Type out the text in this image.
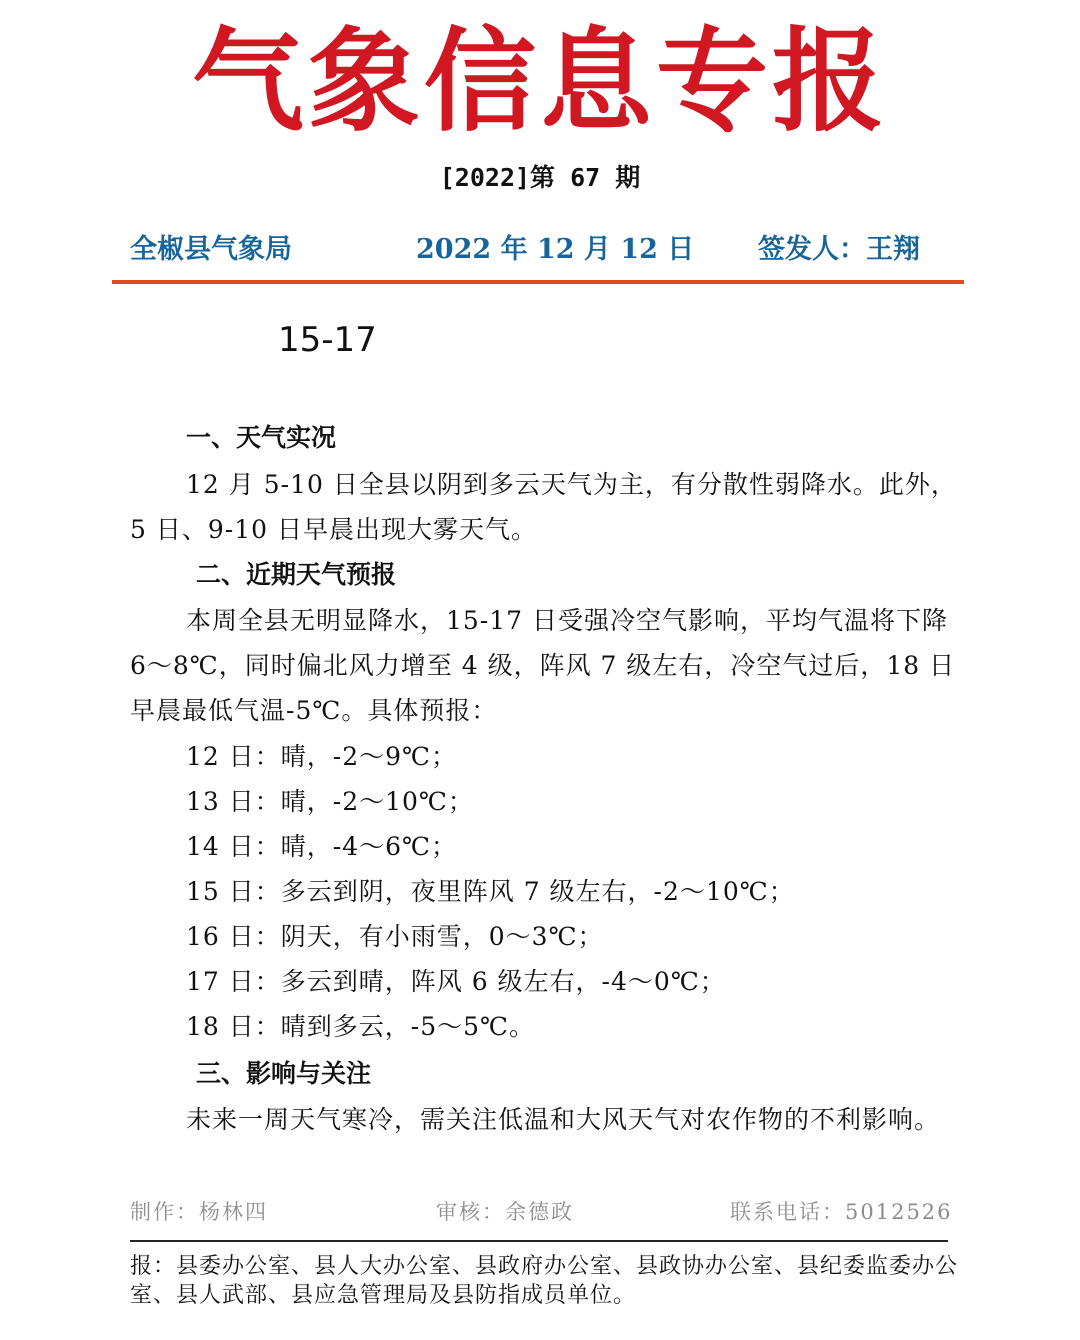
气象信息专报
[2022]第 67 期
全椒县气象局	2022 年 12 月 12 日 签发人：王翔
15-17
一、天气实况
12 月 5-10 日全县以阴到多云天气为主，有分散性弱降水。此外，5 日、9-10 日早晨出现大雾天气。
二、近期天气预报
本周全县无明显降水，15-17 日受强冷空气影响，平均气温将下降 6～8℃，同时偏北风力增至 4 级，阵风 7 级左右，冷空气过后，18 日早晨最低气温-5℃。具体预报：
12 日：晴，-2～9℃；
13 日：晴，-2～10℃；
14 日：晴，-4～6℃；
15 日：多云到阴，夜里阵风 7 级左右，-2～10℃；
16 日：阴天，有小雨雪，0～3℃；
17 日：多云到晴，阵风 6 级左右，-4～0℃；
18 日：晴到多云，-5～5℃。
三、影响与关注
未来一周天气寒冷，需关注低温和大风天气对农作物的不利影响。
制作：杨林四	审核：余德政	联系电话：5012526
报：县委办公室、县人大办公室、县政府办公室、县政协办公室、县纪委监委办公室、县人武部、县应急管理局及县防指成员单位。
